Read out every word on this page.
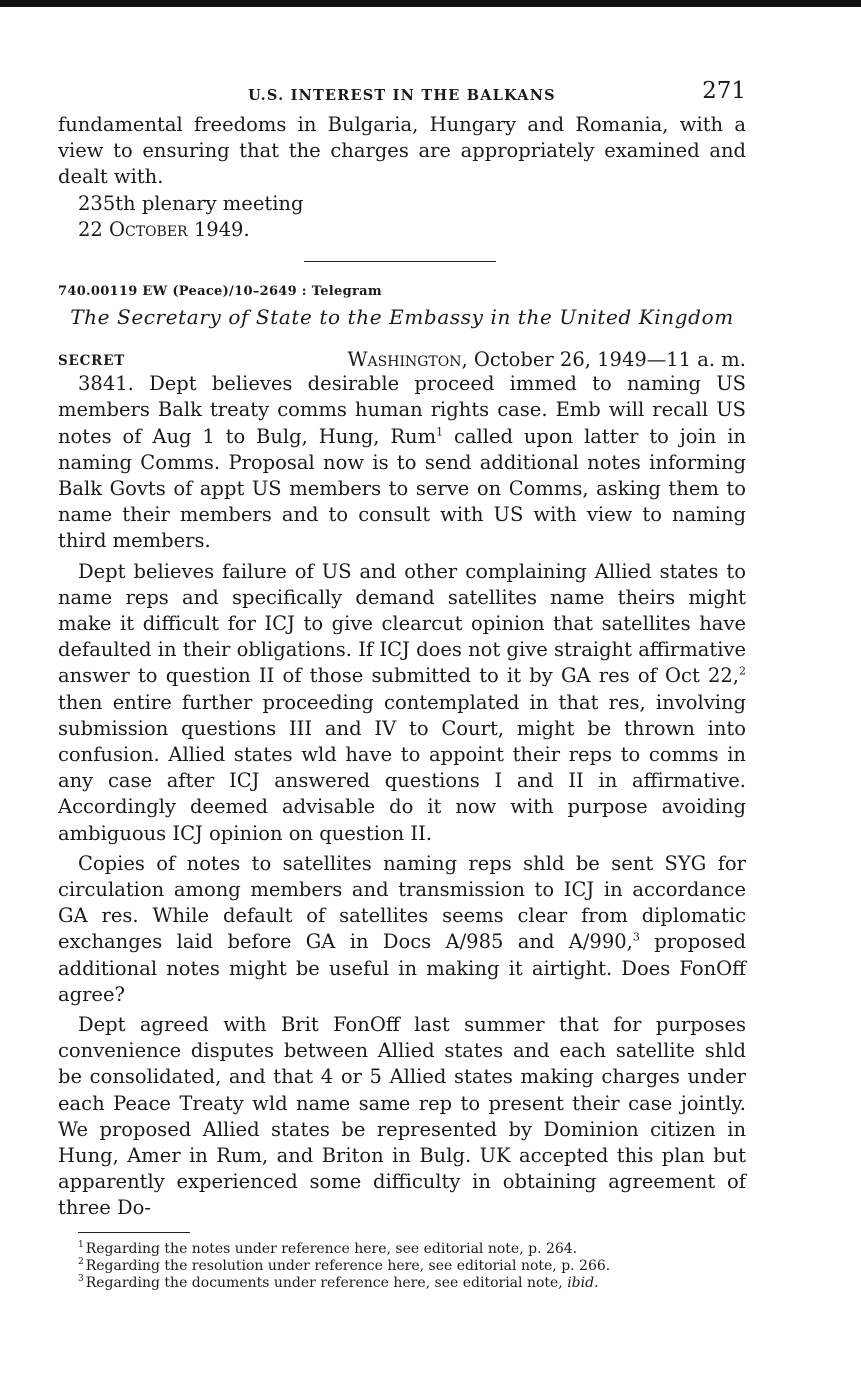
U.S. INTEREST IN THE BALKANS	271

fundamental freedoms in Bulgaria, Hungary and Romania, with a view to ensuring that the charges are appropriately examined and dealt with.

235th plenary meeting

22 October 1949.

740.00119 EW (Peace)/10–2649 : Telegram

The Secretary of State to the Embassy in the United Kingdom

SECRET	Washington, October 26, 1949—11 a. m.

3841. Dept believes desirable proceed immed to naming US members Balk treaty comms human rights case. Emb will recall US notes of Aug 1 to Bulg, Hung, Rum$^1$ called upon latter to join in naming Comms. Proposal now is to send additional notes informing Balk Govts of appt US members to serve on Comms, asking them to name their members and to consult with US with view to naming third members.

Dept believes failure of US and other complaining Allied states to name reps and specifically demand satellites name theirs might make it difficult for ICJ to give clearcut opinion that satellites have defaulted in their obligations. If ICJ does not give straight affirmative answer to question II of those submitted to it by GA res of Oct 22,$^2$ then entire further proceeding contemplated in that res, involving submission questions III and IV to Court, might be thrown into confusion. Allied states wld have to appoint their reps to comms in any case after ICJ answered questions I and II in affirmative. Accordingly deemed advisable do it now with purpose avoiding ambiguous ICJ opinion on question II.

Copies of notes to satellites naming reps shld be sent SYG for circulation among members and transmission to ICJ in accordance GA res. While default of satellites seems clear from diplomatic exchanges laid before GA in Docs A/985 and A/990,$^3$ proposed additional notes might be useful in making it airtight. Does FonOff agree?

Dept agreed with Brit FonOff last summer that for purposes convenience disputes between Allied states and each satellite shld be consolidated, and that 4 or 5 Allied states making charges under each Peace Treaty wld name same rep to present their case jointly. We proposed Allied states be represented by Dominion citizen in Hung, Amer in Rum, and Briton in Bulg. UK accepted this plan but apparently experienced some difficulty in obtaining agreement of three Do-

$^1$ Regarding the notes under reference here, see editorial note, p. 264.

$^2$ Regarding the resolution under reference here, see editorial note, p. 266.

$^3$ Regarding the documents under reference here, see editorial note, ibid.
